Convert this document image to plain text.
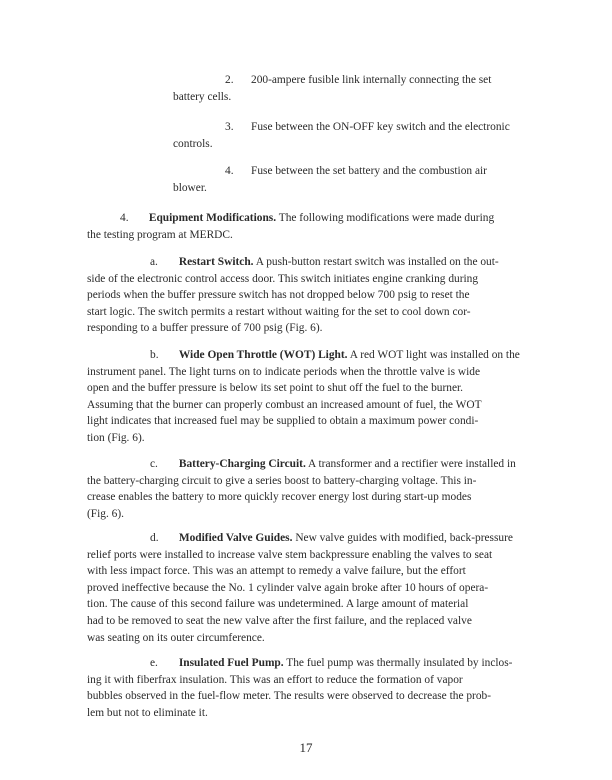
2. 200-ampere fusible link internally connecting the set
battery cells.
3. Fuse between the ON-OFF key switch and the electronic
controls.
4. Fuse between the set battery and the combustion air
blower.
4. Equipment Modifications. The following modifications were made during
the testing program at MERDC.
a. Restart Switch. A push-button restart switch was installed on the out-
side of the electronic control access door. This switch initiates engine cranking during
periods when the buffer pressure switch has not dropped below 700 psig to reset the
start logic. The switch permits a restart without waiting for the set to cool down cor-
responding to a buffer pressure of 700 psig (Fig. 6).
b. Wide Open Throttle (WOT) Light. A red WOT light was installed on the
instrument panel. The light turns on to indicate periods when the throttle valve is wide
open and the buffer pressure is below its set point to shut off the fuel to the burner.
Assuming that the burner can properly combust an increased amount of fuel, the WOT
light indicates that increased fuel may be supplied to obtain a maximum power condi-
tion (Fig. 6).
c. Battery-Charging Circuit. A transformer and a rectifier were installed in
the battery-charging circuit to give a series boost to battery-charging voltage. This in-
crease enables the battery to more quickly recover energy lost during start-up modes
(Fig. 6).
d. Modified Valve Guides. New valve guides with modified, back-pressure
relief ports were installed to increase valve stem backpressure enabling the valves to seat
with less impact force. This was an attempt to remedy a valve failure, but the effort
proved ineffective because the No. 1 cylinder valve again broke after 10 hours of opera-
tion. The cause of this second failure was undetermined. A large amount of material
had to be removed to seat the new valve after the first failure, and the replaced valve
was seating on its outer circumference.
e. Insulated Fuel Pump. The fuel pump was thermally insulated by inclos-
ing it with fiberfrax insulation. This was an effort to reduce the formation of vapor
bubbles observed in the fuel-flow meter. The results were observed to decrease the prob-
lem but not to eliminate it.
17
